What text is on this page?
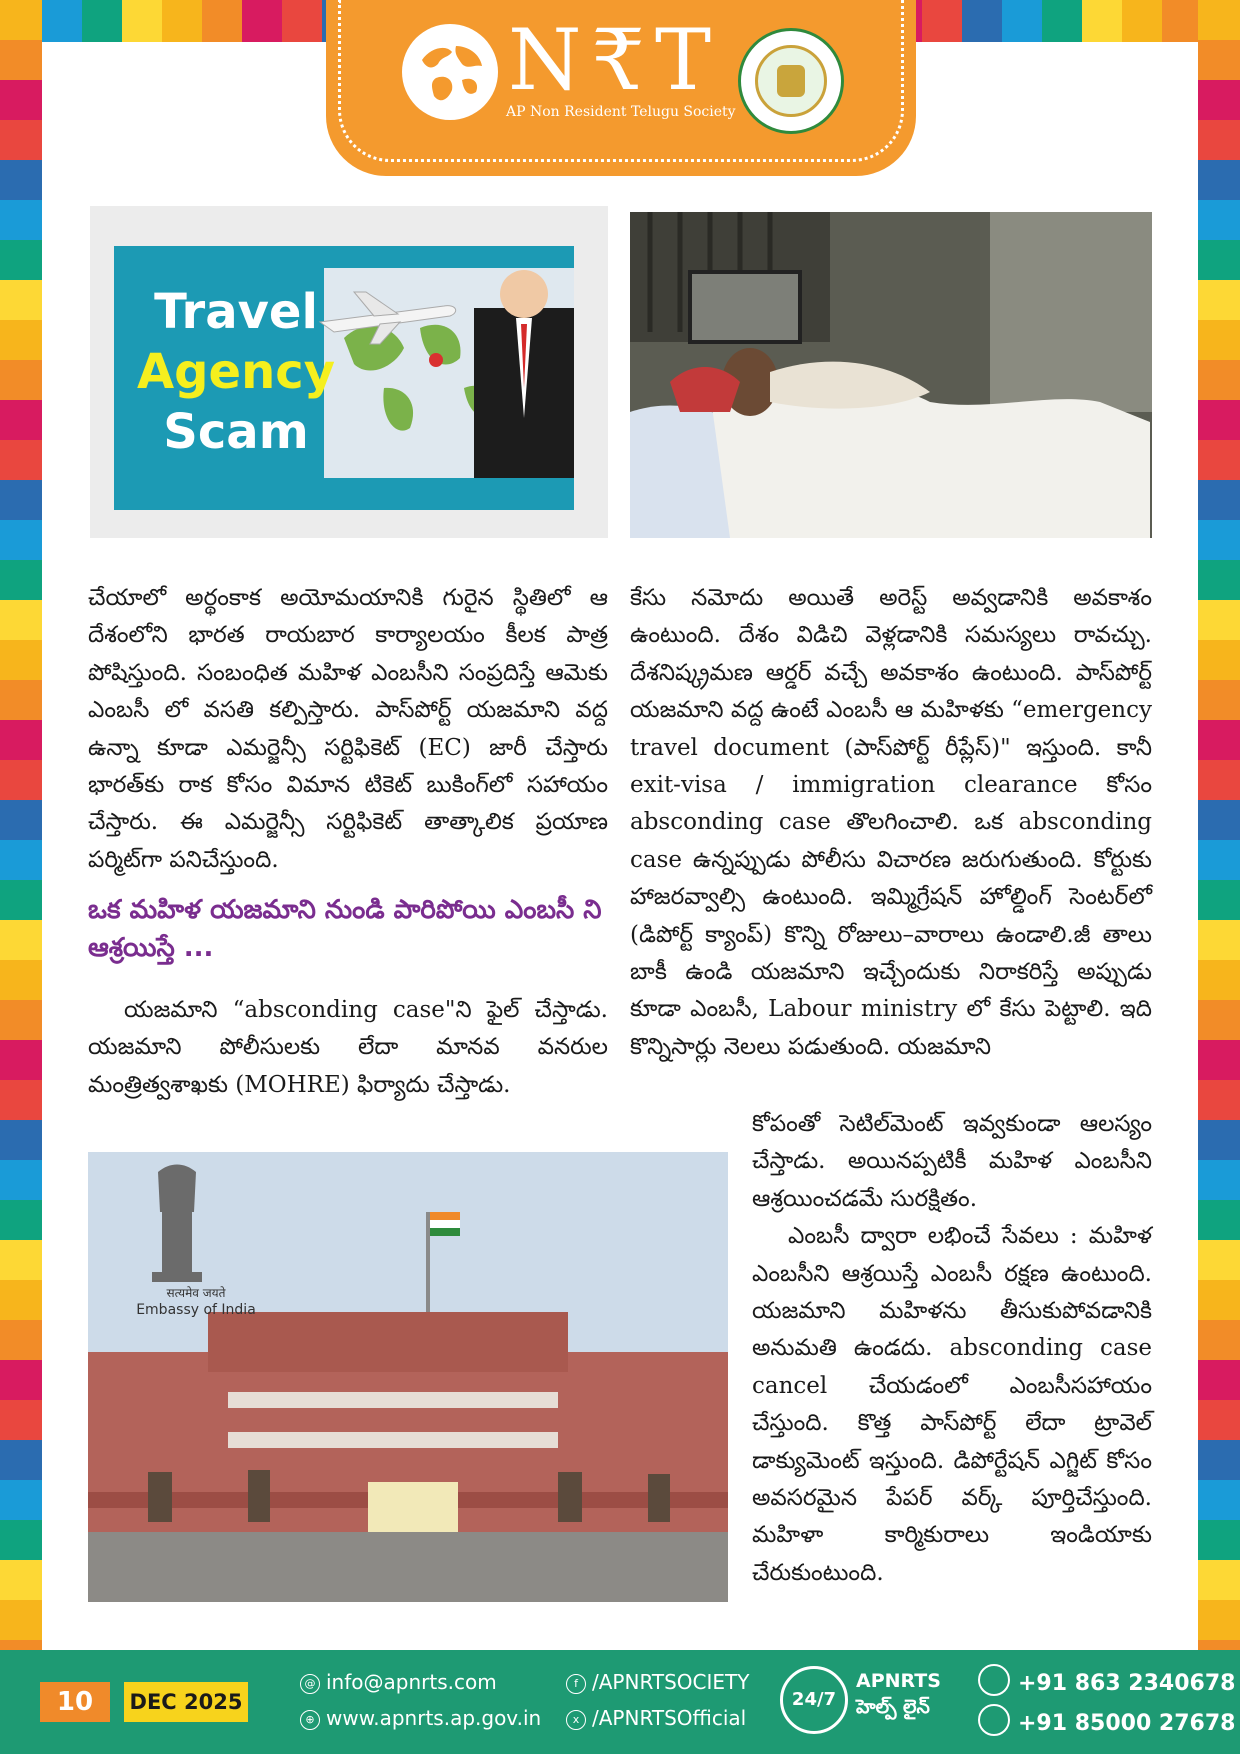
N₹T
AP Non Resident Telugu Society
Travel
Agency
Scam

చేయాలో అర్థంకాక అయోమయానికి గురైన స్థితిలో ఆ దేశంలోని భారత రాయబార కార్యాలయం కీలక పాత్ర పోషిస్తుంది. సంబంధిత మహిళ ఎంబసీని సంప్రదిస్తే ఆమెకు ఎంబసీ లో వసతి కల్పిస్తారు. పాస్‌పోర్ట్ యజమాని వద్ద ఉన్నా కూడా ఎమర్జెన్సీ సర్టిఫికెట్ (EC) జారీ చేస్తారు భారత్‌కు రాక కోసం విమాన టికెట్ బుకింగ్‌లో సహాయం చేస్తారు. ఈ ఎమర్జెన్సీ సర్టిఫికెట్ తాత్కాలిక ప్రయాణ పర్మిట్‌గా పనిచేస్తుంది.

ఒక మహిళ యజమాని నుండి పారిపోయి ఎంబసీ ని ఆశ్రయిస్తే ...

యజమాని “absconding case"ని ఫైల్ చేస్తాడు. యజమాని పోలీసులకు లేదా మానవ వనరుల మంత్రిత్వశాఖకు (MOHRE) ఫిర్యాదు చేస్తాడు.

కేసు నమోదు అయితే అరెస్ట్ అవ్వడానికి అవకాశం ఉంటుంది. దేశం విడిచి వెళ్లడానికి సమస్యలు రావచ్చు. దేశనిష్క్రమణ ఆర్డర్ వచ్చే అవకాశం ఉంటుంది. పాస్‌పోర్ట్ యజమాని వద్ద ఉంటే ఎంబసీ ఆ మహిళకు “emergency travel document (పాస్‌పోర్ట్ రీప్లేస్)" ఇస్తుంది. కానీ exit-visa / immigration clearance కోసం absconding case తొలగించాలి. ఒక absconding case ఉన్నప్పుడు పోలీసు విచారణ జరుగుతుంది. కోర్టుకు హాజరవ్వాల్సి ఉంటుంది. ఇమ్మిగ్రేషన్ హోల్డింగ్ సెంటర్‌లో (డిపోర్ట్ క్యాంప్) కొన్ని రోజులు–వారాలు ఉండాలి.జీ తాలు బాకీ ఉండి యజమాని ఇచ్చేందుకు నిరాకరిస్తే అప్పుడు కూడా ఎంబసీ, Labour ministry లో కేసు పెట్టాలి. ఇది కొన్నిసార్లు నెలలు పడుతుంది. యజమాని

కోపంతో సెటిల్‌మెంట్ ఇవ్వకుండా ఆలస్యం చేస్తాడు. అయినప్పటికీ మహిళ ఎంబసీని ఆశ్రయించడమే సురక్షితం.

ఎంబసీ ద్వారా లభించే సేవలు : మహిళ ఎంబసీని ఆశ్రయిస్తే ఎంబసీ రక్షణ ఉంటుంది. యజమాని మహిళను తీసుకుపోవడానికి అనుమతి ఉండదు. absconding case cancel చేయడంలో ఎంబసీసహాయం చేస్తుంది. కొత్త పాస్‌పోర్ట్ లేదా ట్రావెల్ డాక్యుమెంట్ ఇస్తుంది. డిపోర్టేషన్ ఎగ్జిట్ కోసం అవసరమైన పేపర్ వర్క్ పూర్తిచేస్తుంది. మహిళా కార్మికురాలు ఇండియాకు చేరుకుంటుంది.

सत्यमेव जयते
Embassy of India
10	DEC 2025
@ info@apnrts.com
⊕ www.apnrts.ap.gov.in
f /APNRTSOCIETY
x /APNRTSOfficial
24/7
APNRTS
హెల్ప్ లైన్
+91 863 2340678
+91 85000 27678
